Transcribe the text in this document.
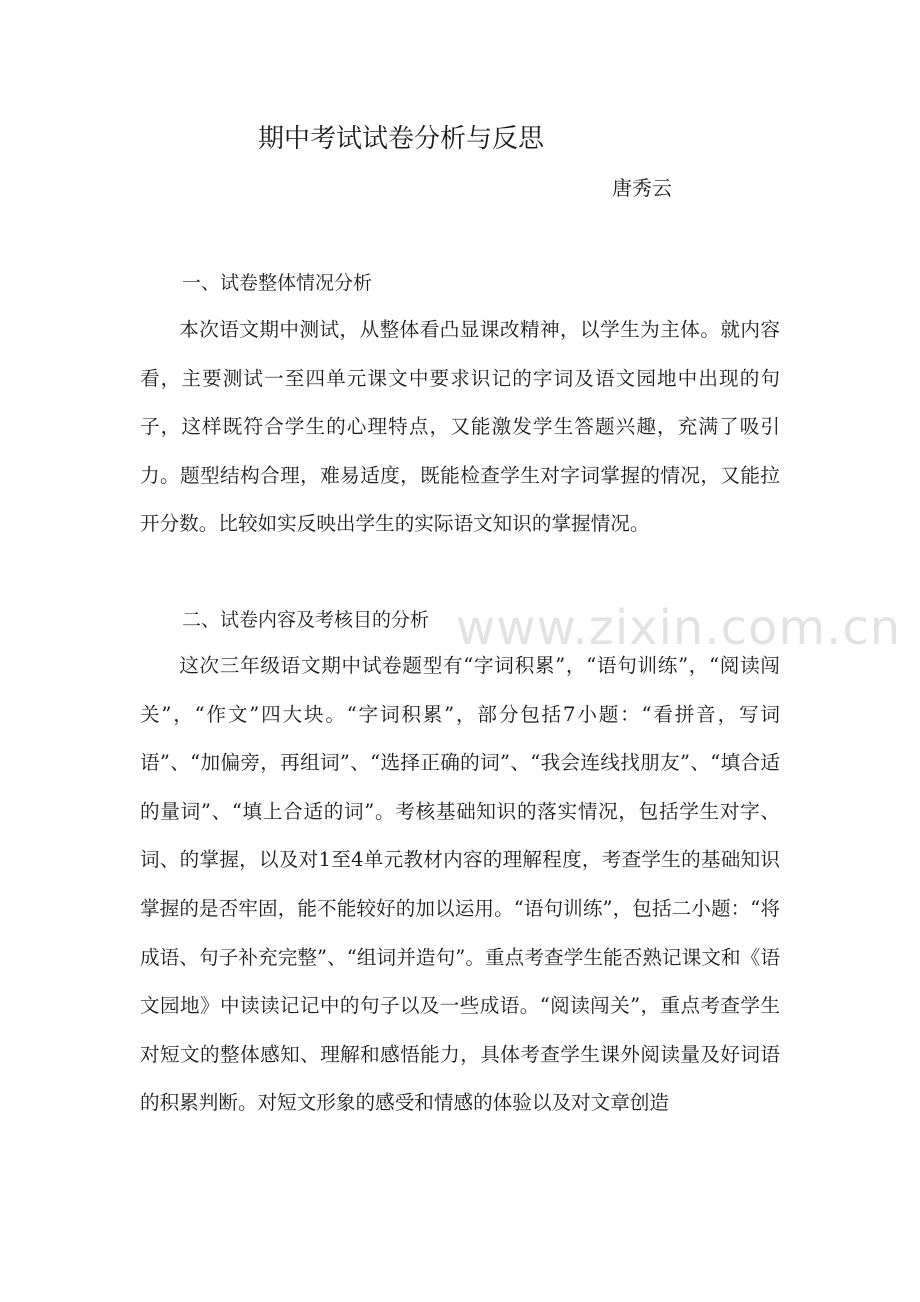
期中考试试卷分析与反思
唐秀云
一、试卷整体情况分析

本次语文期中测试，从整体看凸显课改精神，以学生为主体。就内容看，主要测试一至四单元课文中要求识记的字词及语文园地中出现的句子，这样既符合学生的心理特点，又能激发学生答题兴趣，充满了吸引力。题型结构合理，难易适度，既能检查学生对字词掌握的情况，又能拉开分数。比较如实反映出学生的实际语文知识的掌握情况。

二、试卷内容及考核目的分析

这次三年级语文期中试卷题型有“字词积累”，“语句训练”，“阅读闯关”，“作文”四大块。“字词积累”，部分包括7小题：“看拼音，写词语”、“加偏旁，再组词”、“选择正确的词”、“我会连线找朋友”、“填合适的量词”、“填上合适的词”。考核基础知识的落实情况，包括学生对字、词、的掌握，以及对1至4单元教材内容的理解程度，考查学生的基础知识掌握的是否牢固，能不能较好的加以运用。“语句训练”，包括二小题：“将成语、句子补充完整”、“组词并造句”。重点考查学生能否熟记课文和《语文园地》中读读记记中的句子以及一些成语。“阅读闯关”，重点考查学生对短文的整体感知、理解和感悟能力，具体考查学生课外阅读量及好词语的积累判断。对短文形象的感受和情感的体验以及对文章创造

www.zixin.com.cn
